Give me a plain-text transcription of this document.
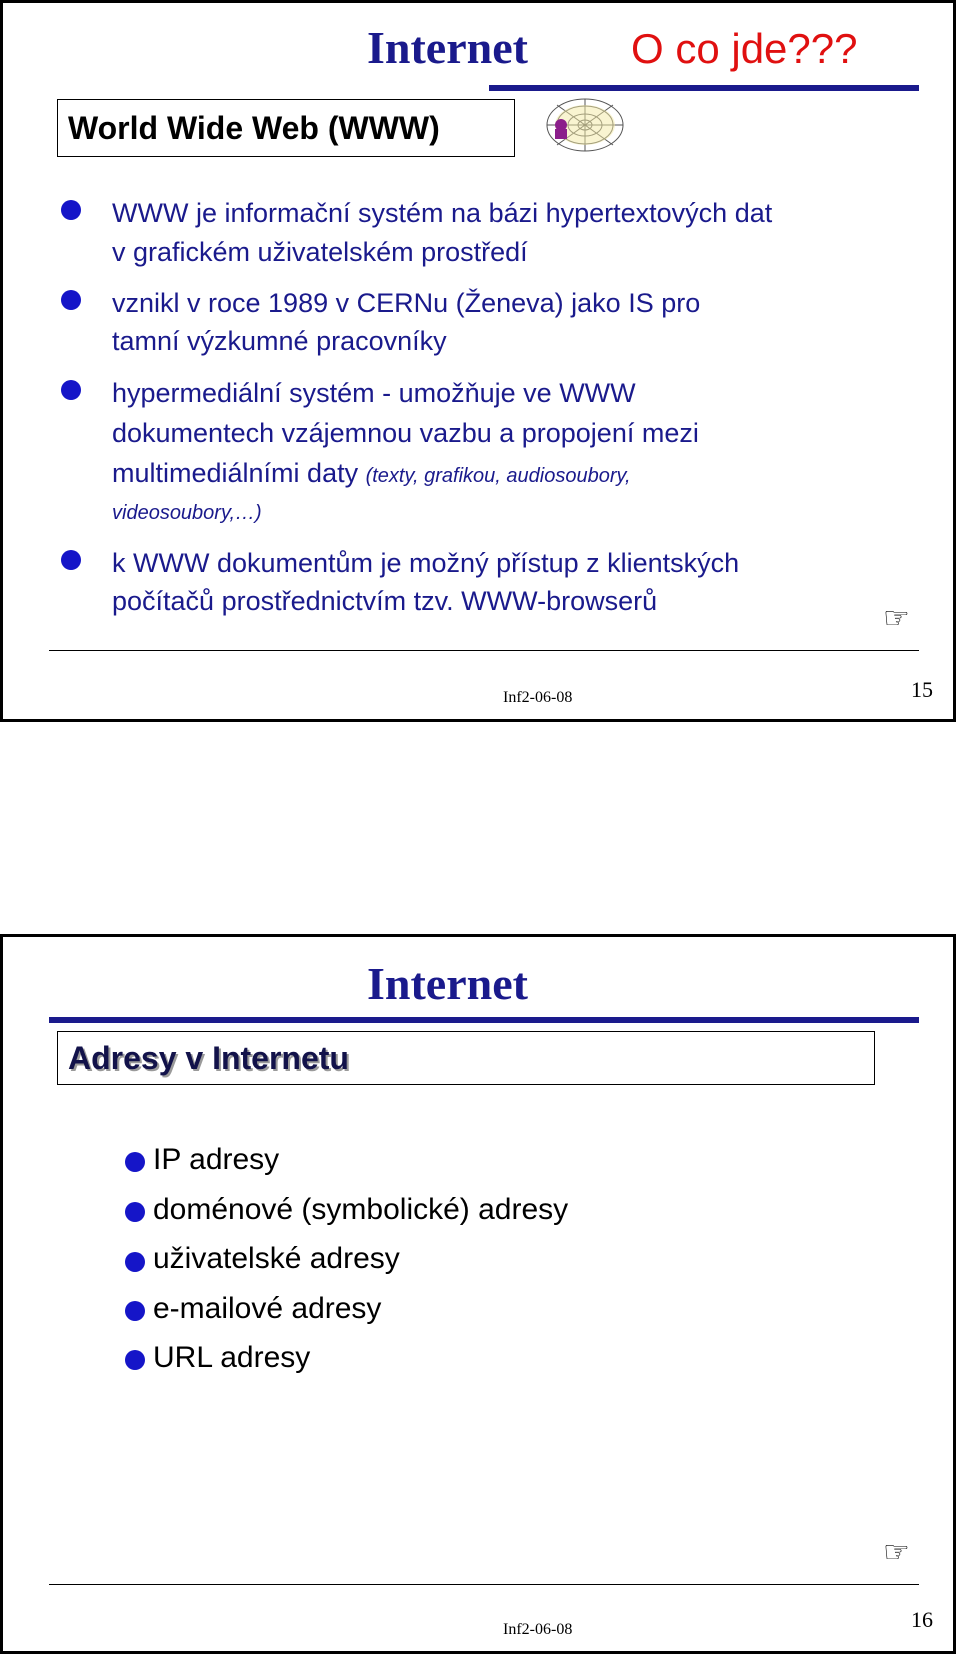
Internet O co jde???
World Wide Web (WWW)
WWW je informační systém na bázi hypertextových dat
v grafickém uživatelském prostředí
vznikl v roce 1989 v CERNu (Ženeva) jako IS pro
tamní výzkumné pracovníky
hypermediální systém - umožňuje ve WWW
dokumentech vzájemnou vazbu a propojení mezi
multimediálními daty (texty, grafikou, audiosoubory,
videosoubory,…)
k WWW dokumentům je možný přístup z klientských
počítačů prostřednictvím tzv. WWW-browserů
☞
Inf2-06-08	15
Internet
Adresy v Internetu
IP adresy
doménové (symbolické) adresy
uživatelské adresy
e-mailové adresy
URL adresy
☞
Inf2-06-08	16
